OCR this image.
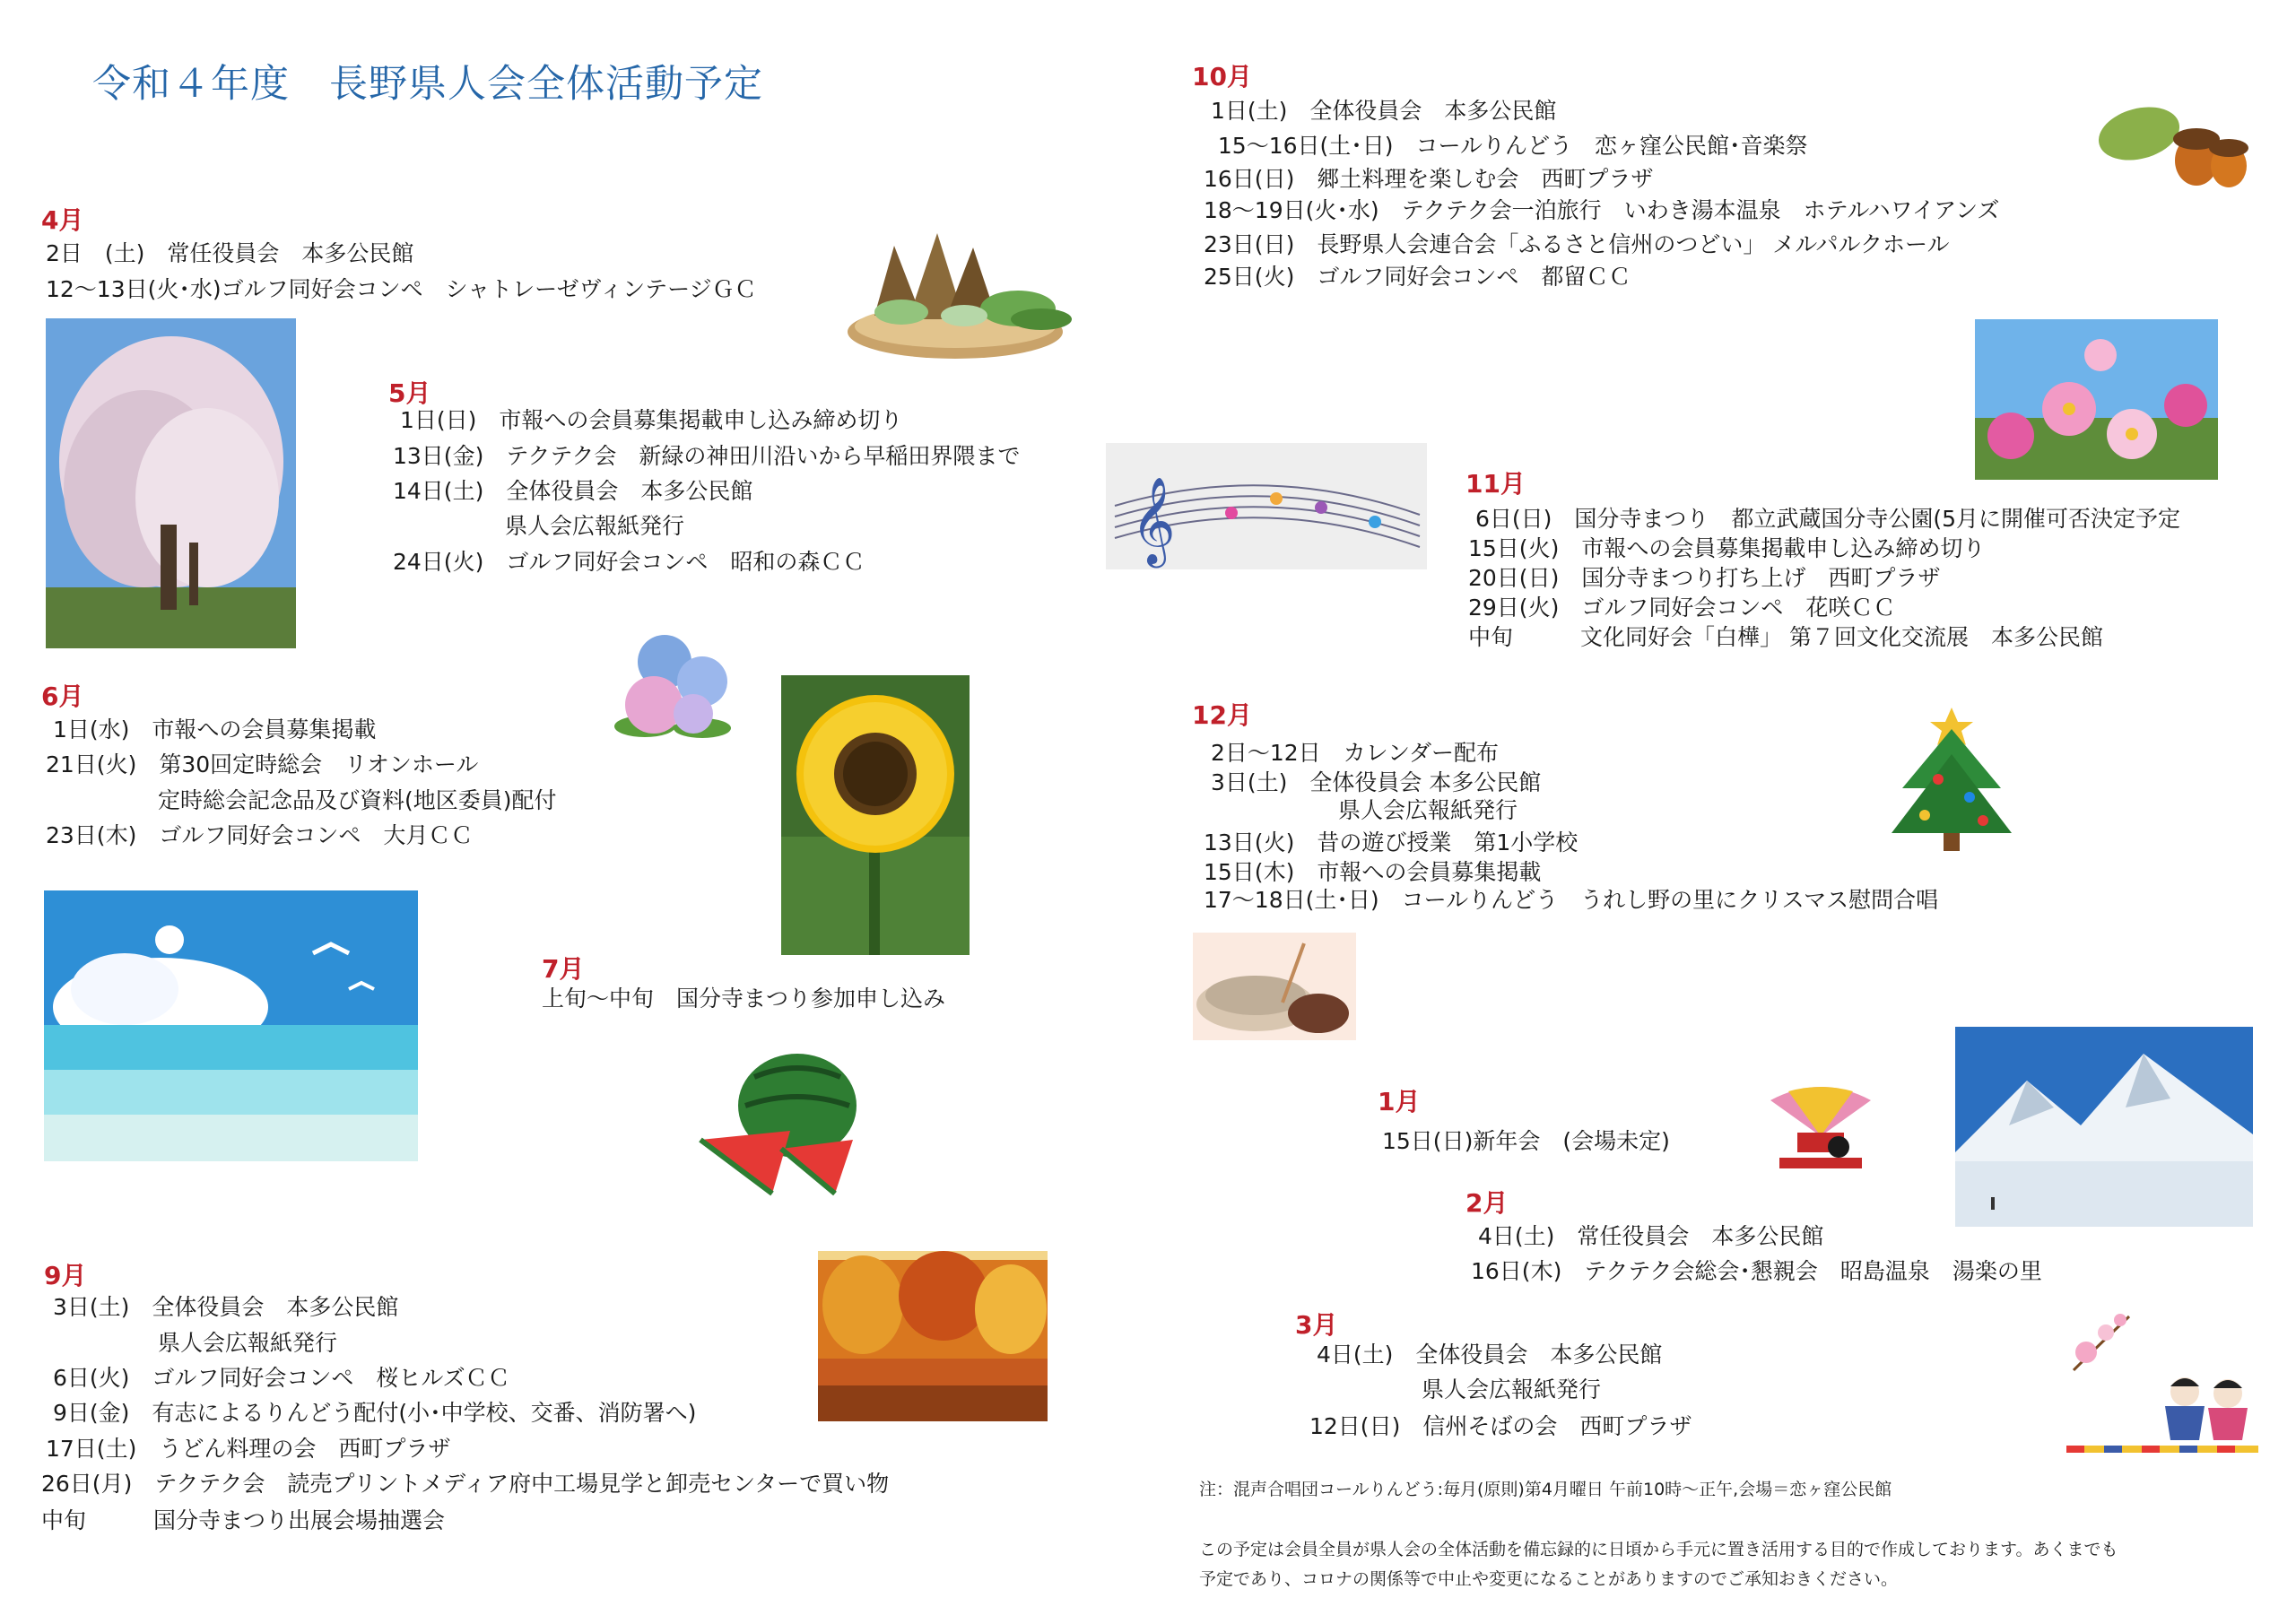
令和４年度　長野県人会全体活動予定
4月
2日　(土)　常任役員会　本多公民館
12〜13日(火･水)ゴルフ同好会コンペ　シャトレーゼヴィンテージＧＣ
5月
1日(日)　市報への会員募集掲載申し込み締め切り
13日(金)　テクテク会　新緑の神田川沿いから早稲田界隈まで
14日(土)　全体役員会　本多公民館
　　　　　県人会広報紙発行
24日(火)　ゴルフ同好会コンペ　昭和の森ＣＣ
6月
1日(水)　市報への会員募集掲載
21日(火)　第30回定時総会　リオンホール
　　　　　定時総会記念品及び資料(地区委員)配付
23日(木)　ゴルフ同好会コンペ　大月ＣＣ
7月
上旬〜中旬　国分寺まつり参加申し込み
9月
3日(土)　全体役員会　本多公民館
　　　　　県人会広報紙発行
6日(火)　ゴルフ同好会コンペ　桜ヒルズＣＣ
9日(金)　有志によるりんどう配付(小･中学校、交番、消防署へ)
17日(土)　うどん料理の会　西町プラザ
26日(月)　テクテク会　読売プリントメディア府中工場見学と卸売センターで買い物
中旬　　　国分寺まつり出展会場抽選会
10月
1日(土)　全体役員会　本多公民館
15〜16日(土･日)　コールりんどう　恋ヶ窪公民館･音楽祭
16日(日)　郷土料理を楽しむ会　西町プラザ
18〜19日(火･水)　テクテク会一泊旅行　いわき湯本温泉　ホテルハワイアンズ
23日(日)　長野県人会連合会「ふるさと信州のつどい」 メルパルクホール
25日(火)　ゴルフ同好会コンペ　都留ＣＣ
11月
6日(日)　国分寺まつり　都立武蔵国分寺公園(5月に開催可否決定予定
15日(火)　市報への会員募集掲載申し込み締め切り
20日(日)　国分寺まつり打ち上げ　西町プラザ
29日(火)　ゴルフ同好会コンペ　花咲ＣＣ
中旬　　　文化同好会「白樺」 第７回文化交流展　本多公民館
12月
2日〜12日　カレンダー配布
3日(土)　全体役員会 本多公民館
　　　　　　県人会広報紙発行
13日(火)　昔の遊び授業　第1小学校
15日(木)　市報への会員募集掲載
17〜18日(土･日)　コールりんどう　うれし野の里にクリスマス慰問合唱
1月
15日(日)新年会　(会場未定)
2月
4日(土)　常任役員会　本多公民館
16日(木)　テクテク会総会･懇親会　昭島温泉　湯楽の里
3月
4日(土)　全体役員会　本多公民館
　　　　　県人会広報紙発行
12日(日)　信州そばの会　西町プラザ
注：混声合唱団コールりんどう:毎月(原則)第4月曜日 午前10時〜正午,会場＝恋ヶ窪公民館
この予定は会員全員が県人会の全体活動を備忘録的に日頃から手元に置き活用する目的で作成しております。あくまでも
予定であり、コロナの関係等で中止や変更になることがありますのでご承知おきください。
𝄞
